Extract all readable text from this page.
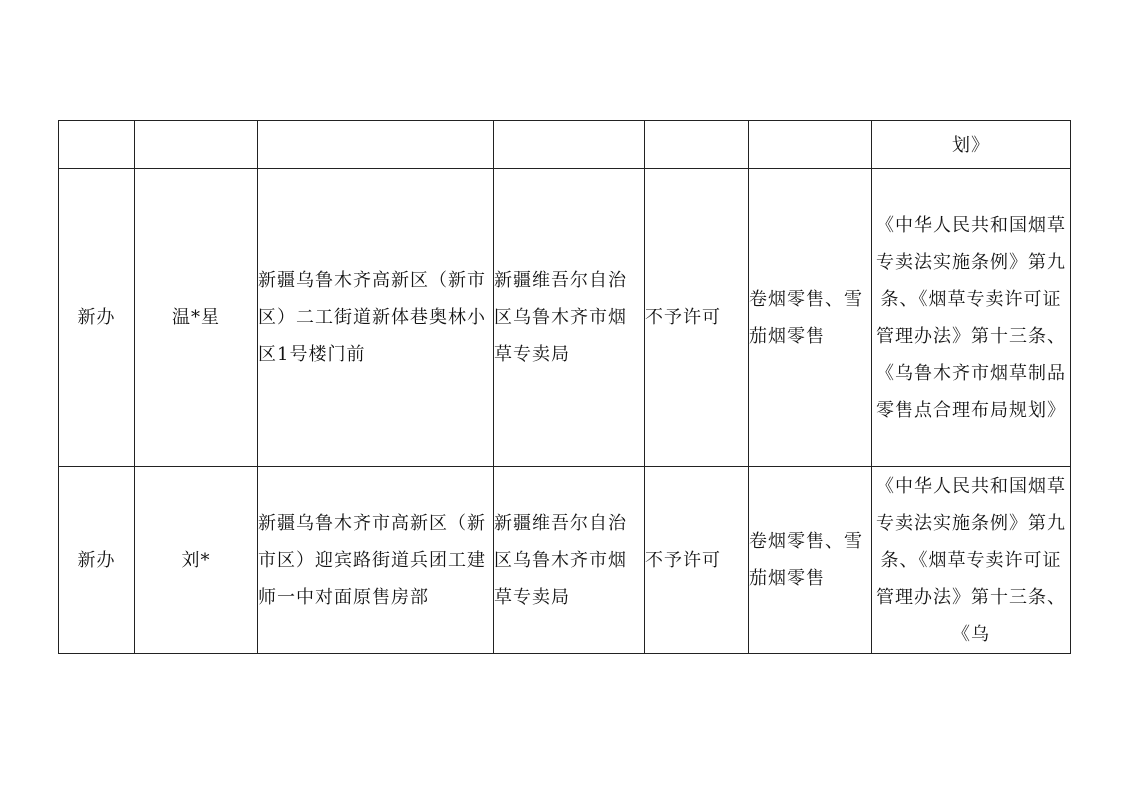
						划》

新办	温*星	新疆乌鲁木齐高新区（新市区）二工街道新体巷奥林小区1号楼门前	新疆维吾尔自治区乌鲁木齐市烟草专卖局	不予许可	卷烟零售、雪茄烟零售	《中华人民共和国烟草专卖法实施条例》第九条、《烟草专卖许可证管理办法》第十三条、《乌鲁木齐市烟草制品零售点合理布局规划》

新办	刘*	新疆乌鲁木齐市高新区（新市区）迎宾路街道兵团工建师一中对面原售房部	新疆维吾尔自治区乌鲁木齐市烟草专卖局	不予许可	卷烟零售、雪茄烟零售	《中华人民共和国烟草专卖法实施条例》第九条、《烟草专卖许可证管理办法》第十三条、《乌
